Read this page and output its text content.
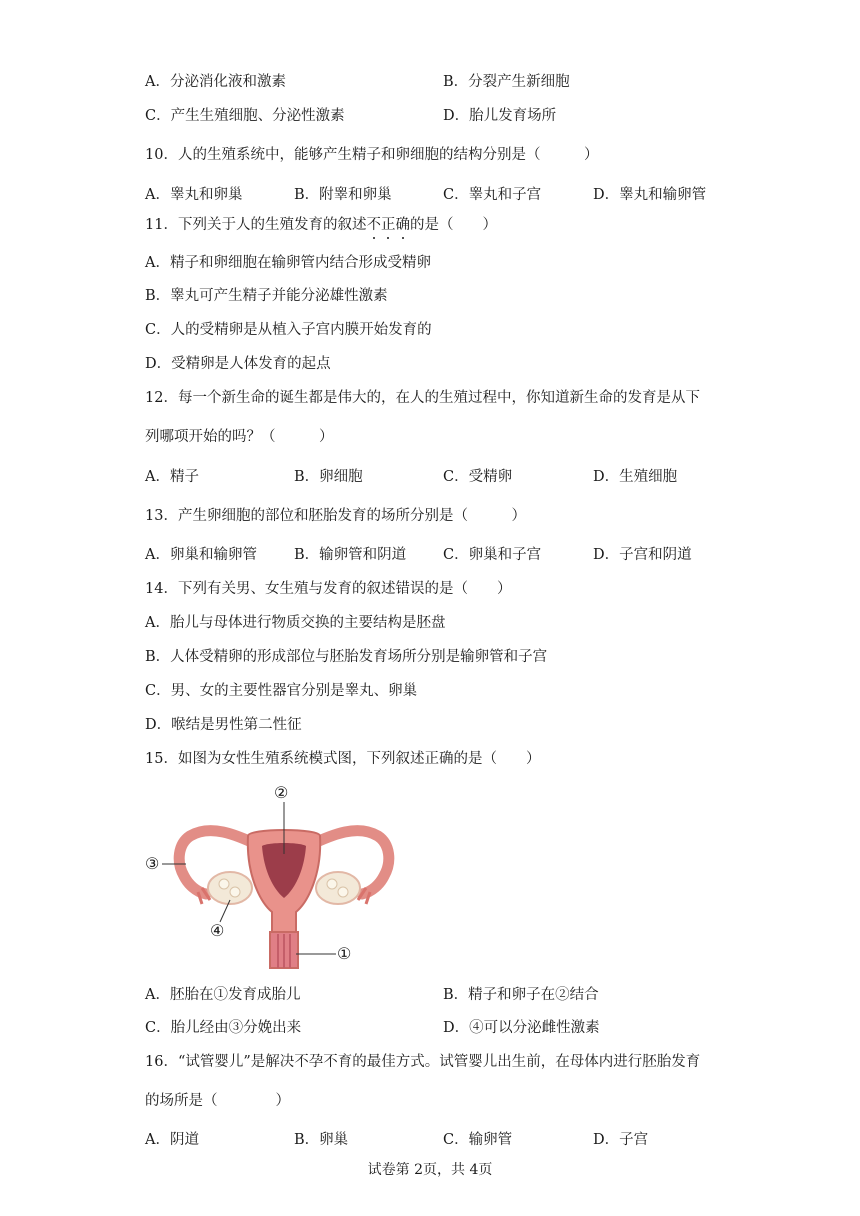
A．分泌消化液和激素	B．分裂产生新细胞
C．产生生殖细胞、分泌性激素	D．胎儿发育场所
10．人的生殖系统中，能够产生精子和卵细胞的结构分别是（　　　）
A．睾丸和卵巢	B．附睾和卵巢	C．睾丸和子宫	D．睾丸和输卵管
11．下列关于人的生殖发育的叙述不正确的是（　　）
A．精子和卵细胞在输卵管内结合形成受精卵
B．睾丸可产生精子并能分泌雄性激素
C．人的受精卵是从植入子宫内膜开始发育的
D．受精卵是人体发育的起点
12．每一个新生命的诞生都是伟大的，在人的生殖过程中，你知道新生命的发育是从下
列哪项开始的吗？（　　　）
A．精子	B．卵细胞	C．受精卵	D．生殖细胞
13．产生卵细胞的部位和胚胎发育的场所分别是（　　　）
A．卵巢和输卵管	B．输卵管和阴道	C．卵巢和子宫	D．子宫和阴道
14．下列有关男、女生殖与发育的叙述错误的是（　　）
A．胎儿与母体进行物质交换的主要结构是胚盘
B．人体受精卵的形成部位与胚胎发育场所分别是输卵管和子宫
C．男、女的主要性器官分别是睾丸、卵巢
D．喉结是男性第二性征
15．如图为女性生殖系统模式图，下列叙述正确的是（　　）
②
③
④
①
A．胚胎在①发育成胎儿	B．精子和卵子在②结合
C．胎儿经由③分娩出来	D．④可以分泌雌性激素
16．“试管婴儿”是解决不孕不育的最佳方式。试管婴儿出生前，在母体内进行胚胎发育
的场所是（　　　　）
A．阴道	B．卵巢	C．输卵管	D．子宫
试卷第 2页，共 4页
